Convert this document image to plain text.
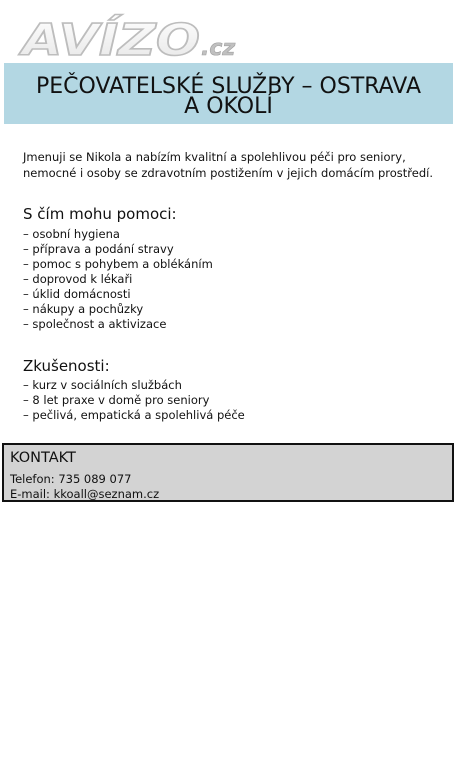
AVÍZO	.cz
PEČOVATELSKÉ SLUŽBY – OSTRAVA
A OKOLÍ
Jmenuji se Nikola a nabízím kvalitní a spolehlivou péči pro seniory,
nemocné i osoby se zdravotním postižením v jejich domácím prostředí.
S čím mohu pomoci:
– osobní hygiena
– příprava a podání stravy
– pomoc s pohybem a oblékáním
– doprovod k lékaři
– úklid domácnosti
– nákupy a pochůzky
– společnost a aktivizace
Zkušenosti:
– kurz v sociálních službách
– 8 let praxe v domě pro seniory
– pečlivá, empatická a spolehlivá péče
KONTAKT
Telefon: 735 089 077
E-mail: kkoall@seznam.cz
